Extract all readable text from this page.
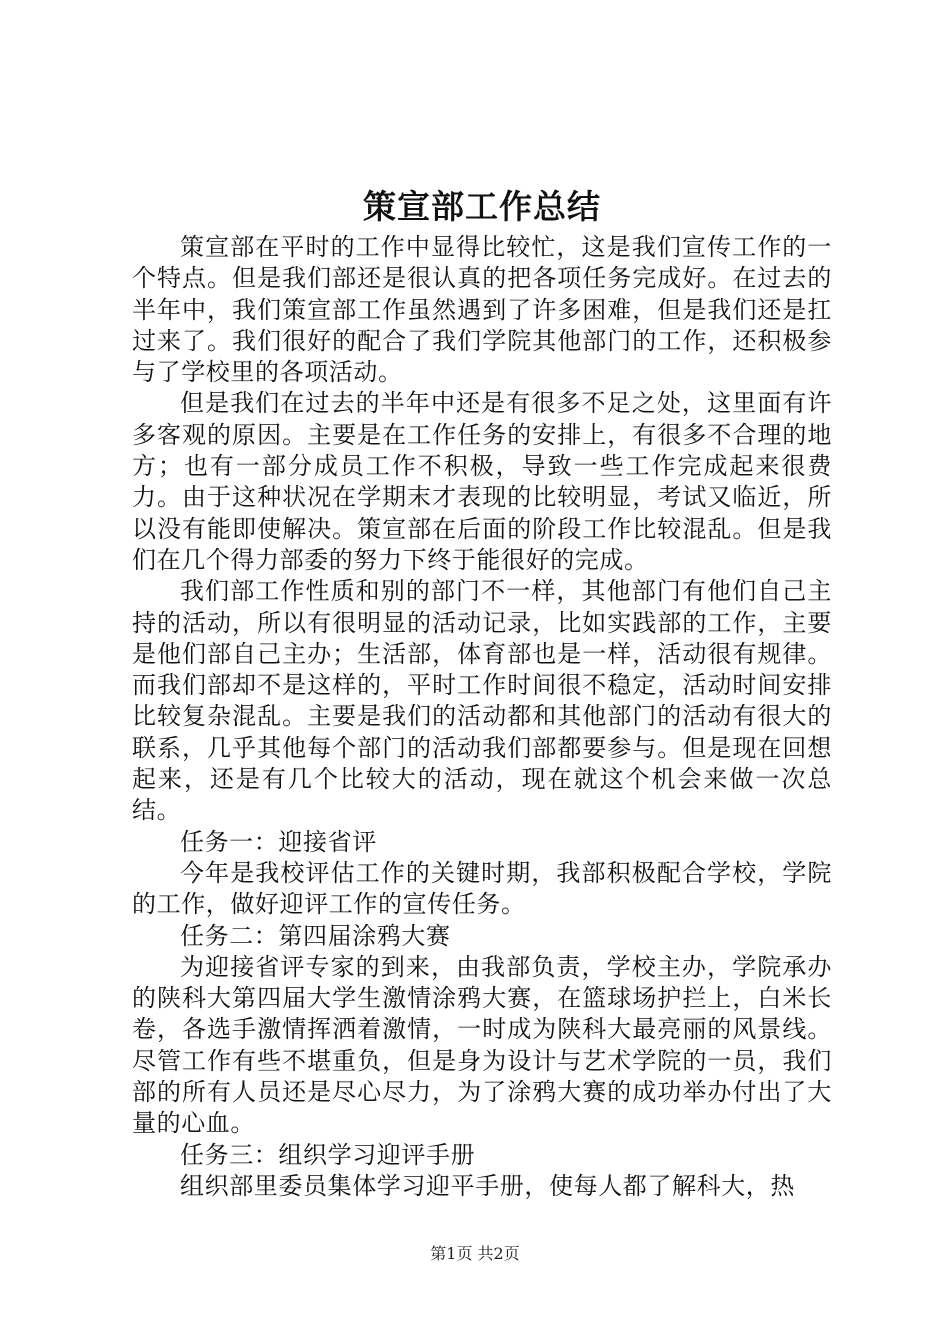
策宣部工作总结

策宣部在平时的工作中显得比较忙，这是我们宣传工作的一个特点。但是我们部还是很认真的把各项任务完成好。在过去的半年中，我们策宣部工作虽然遇到了许多困难，但是我们还是扛过来了。我们很好的配合了我们学院其他部门的工作，还积极参与了学校里的各项活动。

但是我们在过去的半年中还是有很多不足之处，这里面有许多客观的原因。主要是在工作任务的安排上，有很多不合理的地方；也有一部分成员工作不积极，导致一些工作完成起来很费力。由于这种状况在学期末才表现的比较明显，考试又临近，所以没有能即使解决。策宣部在后面的阶段工作比较混乱。但是我们在几个得力部委的努力下终于能很好的完成。

我们部工作性质和别的部门不一样，其他部门有他们自己主持的活动，所以有很明显的活动记录，比如实践部的工作，主要是他们部自己主办；生活部，体育部也是一样，活动很有规律。而我们部却不是这样的，平时工作时间很不稳定，活动时间安排比较复杂混乱。主要是我们的活动都和其他部门的活动有很大的联系，几乎其他每个部门的活动我们部都要参与。但是现在回想起来，还是有几个比较大的活动，现在就这个机会来做一次总结。

任务一：迎接省评

今年是我校评估工作的关键时期，我部积极配合学校，学院的工作，做好迎评工作的宣传任务。

任务二：第四届涂鸦大赛

为迎接省评专家的到来，由我部负责，学校主办，学院承办的陕科大第四届大学生激情涂鸦大赛，在篮球场护拦上，白米长卷，各选手激情挥洒着激情，一时成为陕科大最亮丽的风景线。尽管工作有些不堪重负，但是身为设计与艺术学院的一员，我们部的所有人员还是尽心尽力，为了涂鸦大赛的成功举办付出了大量的心血。

任务三：组织学习迎评手册

组织部里委员集体学习迎平手册，使每人都了解科大，热

第1页 共2页
